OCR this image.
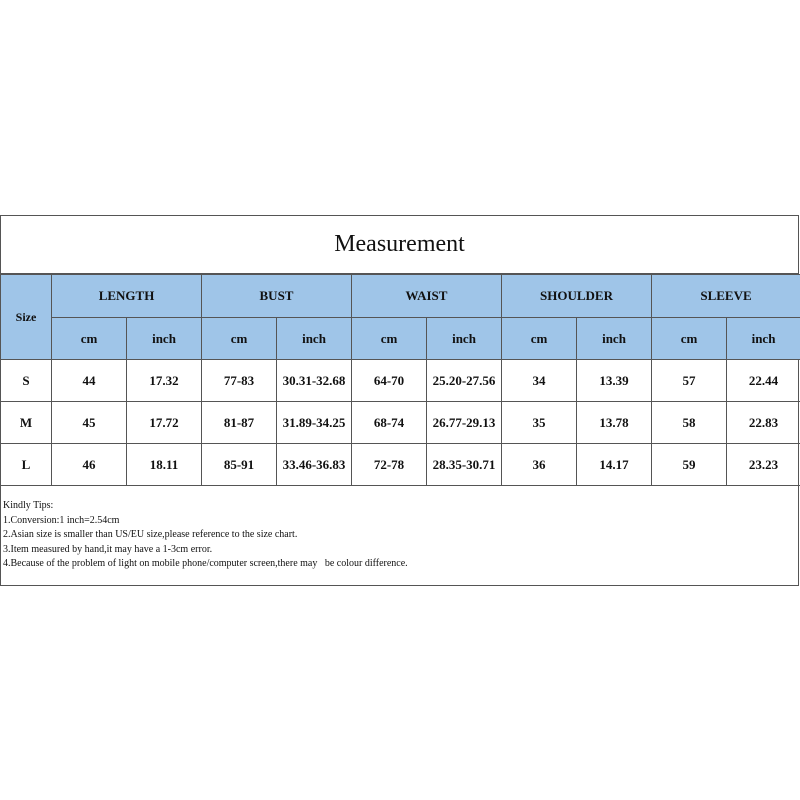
Measurement
Size	LENGTH		BUST		WAIST		SHOULDER		SLEEVE	
	cm	inch	cm	inch	cm	inch	cm	inch	cm	inch
S	44	17.32	77-83	30.31-32.68	64-70	25.20-27.56	34	13.39	57	22.44
M	45	17.72	81-87	31.89-34.25	68-74	26.77-29.13	35	13.78	58	22.83
L	46	18.11	85-91	33.46-36.83	72-78	28.35-30.71	36	14.17	59	23.23
Kindly Tips:
1.Conversion:1 inch=2.54cm
2.Asian size is smaller than US/EU size,please reference to the size chart.
3.Item measured by hand,it may have a 1-3cm error.
4.Because of the problem of light on mobile phone/computer screen,there may   be colour difference.
